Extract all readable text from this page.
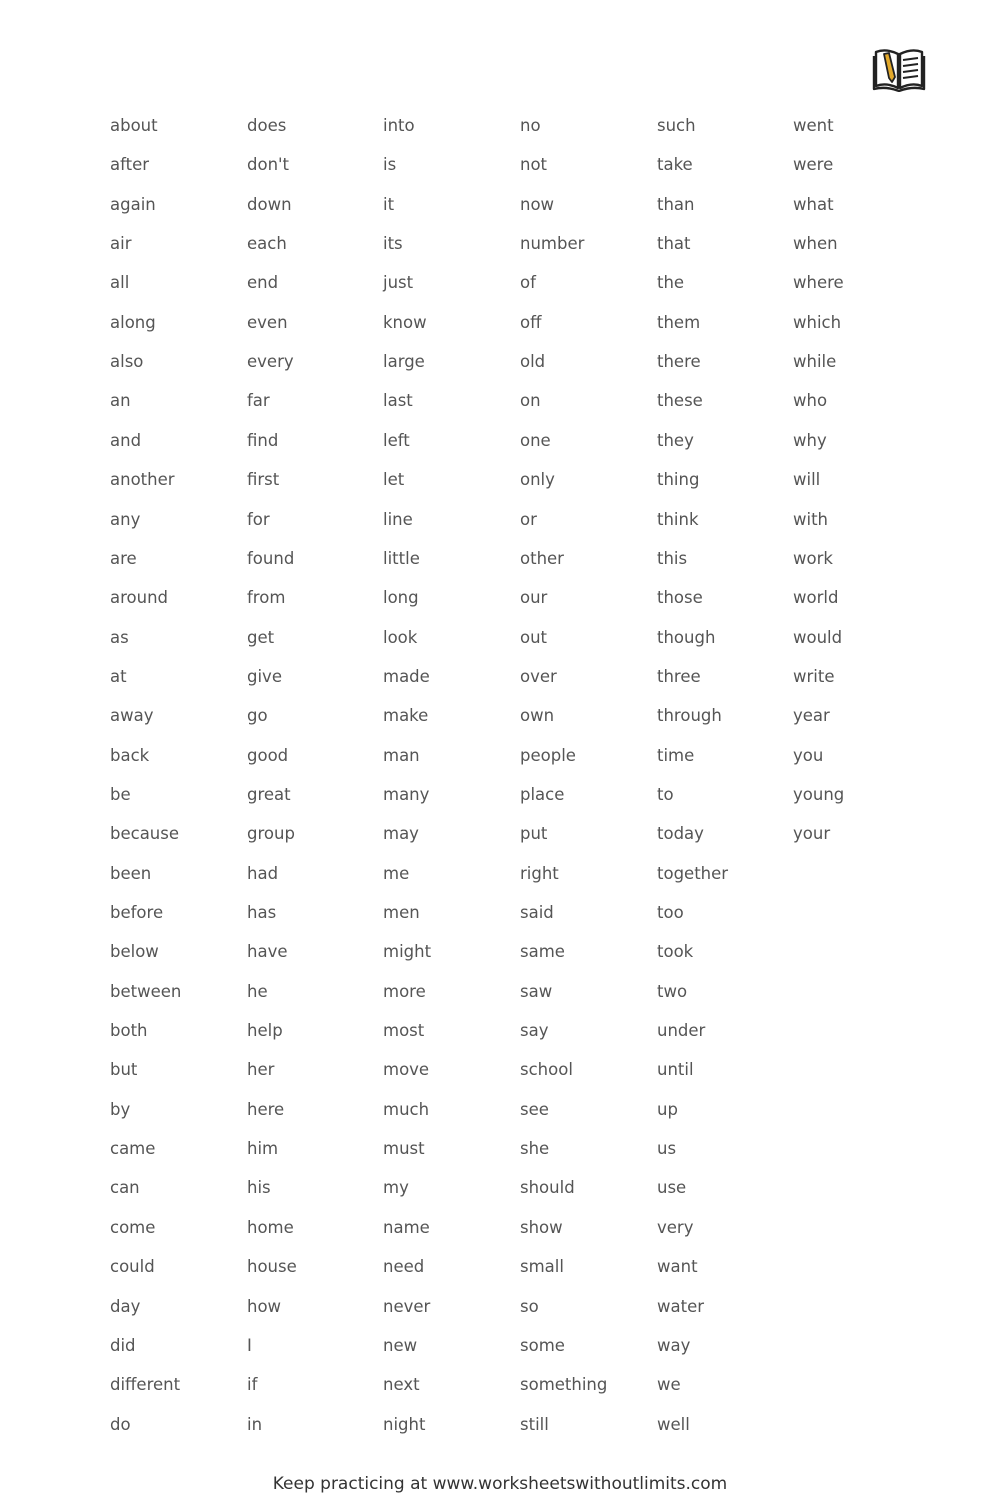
about
after
again
air
all
along
also
an
and
another
any
are
around
as
at
away
back
be
because
been
before
below
between
both
but
by
came
can
come
could
day
did
different
do
does
don't
down
each
end
even
every
far
find
first
for
found
from
get
give
go
good
great
group
had
has
have
he
help
her
here
him
his
home
house
how
I
if
in
into
is
it
its
just
know
large
last
left
let
line
little
long
look
made
make
man
many
may
me
men
might
more
most
move
much
must
my
name
need
never
new
next
night
no
not
now
number
of
off
old
on
one
only
or
other
our
out
over
own
people
place
put
right
said
same
saw
say
school
see
she
should
show
small
so
some
something
still
such
take
than
that
the
them
there
these
they
thing
think
this
those
though
three
through
time
to
today
together
too
took
two
under
until
up
us
use
very
want
water
way
we
well
went
were
what
when
where
which
while
who
why
will
with
work
world
would
write
year
you
young
your
Keep practicing at www.worksheetswithoutlimits.com
